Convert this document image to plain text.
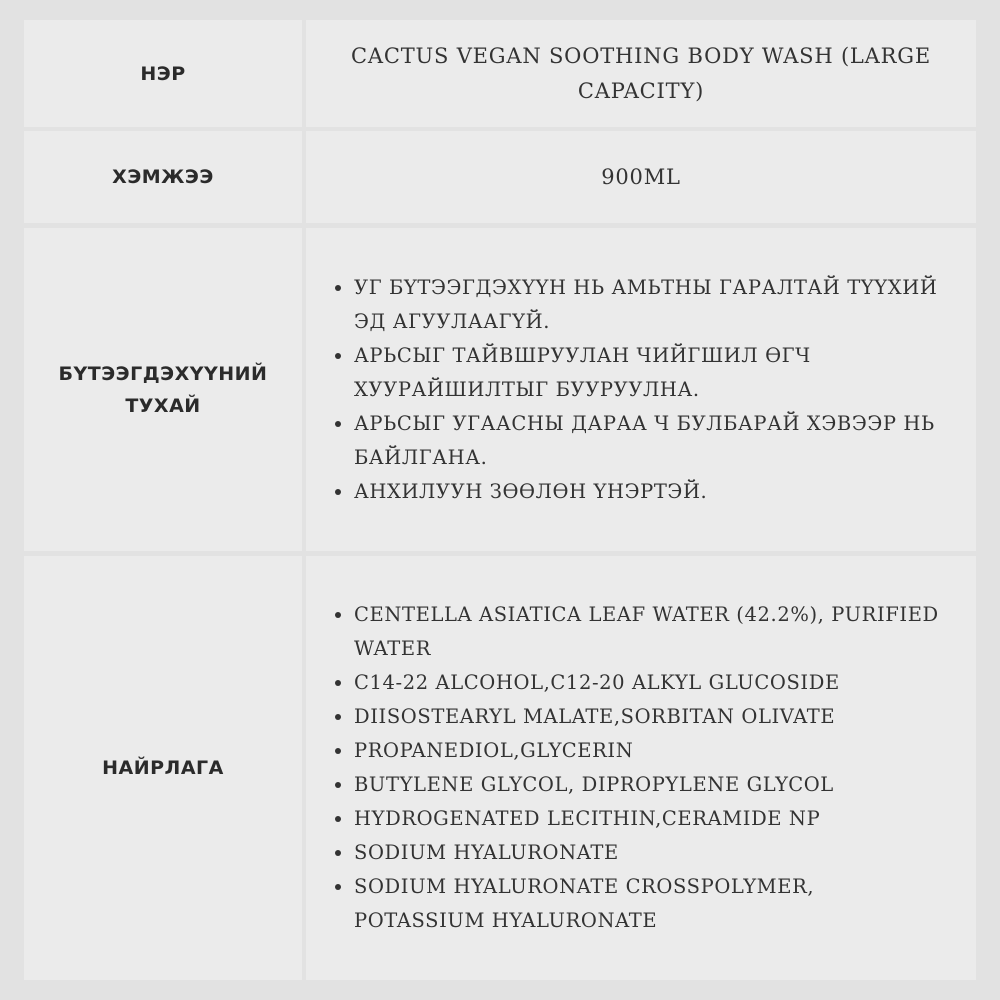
НЭР
CACTUS VEGAN SOOTHING BODY WASH (LARGE CAPACITY)
ХЭМЖЭЭ	900ML
БҮТЭЭГДЭХҮҮНИЙ ТУХАЙ
УГ БҮТЭЭГДЭХҮҮН НЬ АМЬТНЫ ГАРАЛТАЙ ТҮҮХИЙ ЭД АГУУЛААГҮЙ.
АРЬСЫГ ТАЙВШРУУЛАН ЧИЙГШИЛ ӨГЧ ХУУРАЙШИЛТЫГ БУУРУУЛНА.
АРЬСЫГ УГААСНЫ ДАРАА Ч БУЛБАРАЙ ХЭВЭЭР НЬ БАЙЛГАНА.
АНХИЛУУН ЗӨӨЛӨН ҮНЭРТЭЙ.
НАЙРЛАГА
CENTELLA ASIATICA LEAF WATER (42.2%), PURIFIED WATER
C14-22 ALCOHOL,C12-20 ALKYL GLUCOSIDE
DIISOSTEARYL MALATE,SORBITAN OLIVATE
PROPANEDIOL,GLYCERIN
BUTYLENE GLYCOL, DIPROPYLENE GLYCOL
HYDROGENATED LECITHIN,CERAMIDE NP
SODIUM HYALURONATE
SODIUM HYALURONATE CROSSPOLYMER, POTASSIUM HYALURONATE
